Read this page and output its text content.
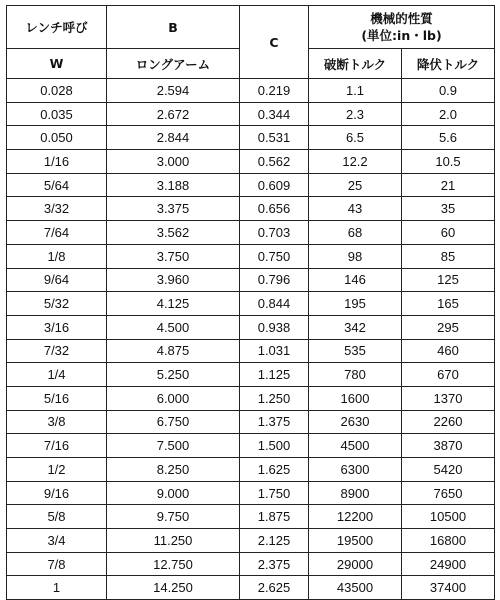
レンチ呼び	B	C	機械的性質
(単位:in・lb)	

W	ロングアーム		破断トルク	降伏トルク
0.028	2.594	0.219	1.1	0.9
0.035	2.672	0.344	2.3	2.0
0.050	2.844	0.531	6.5	5.6
1/16	3.000	0.562	12.2	10.5
5/64	3.188	0.609	25	21
3/32	3.375	0.656	43	35
7/64	3.562	0.703	68	60
1/8	3.750	0.750	98	85
9/64	3.960	0.796	146	125
5/32	4.125	0.844	195	165
3/16	4.500	0.938	342	295
7/32	4.875	1.031	535	460
1/4	5.250	1.125	780	670
5/16	6.000	1.250	1600	1370
3/8	6.750	1.375	2630	2260
7/16	7.500	1.500	4500	3870
1/2	8.250	1.625	6300	5420
9/16	9.000	1.750	8900	7650
5/8	9.750	1.875	12200	10500
3/4	11.250	2.125	19500	16800
7/8	12.750	2.375	29000	24900
1	14.250	2.625	43500	37400
